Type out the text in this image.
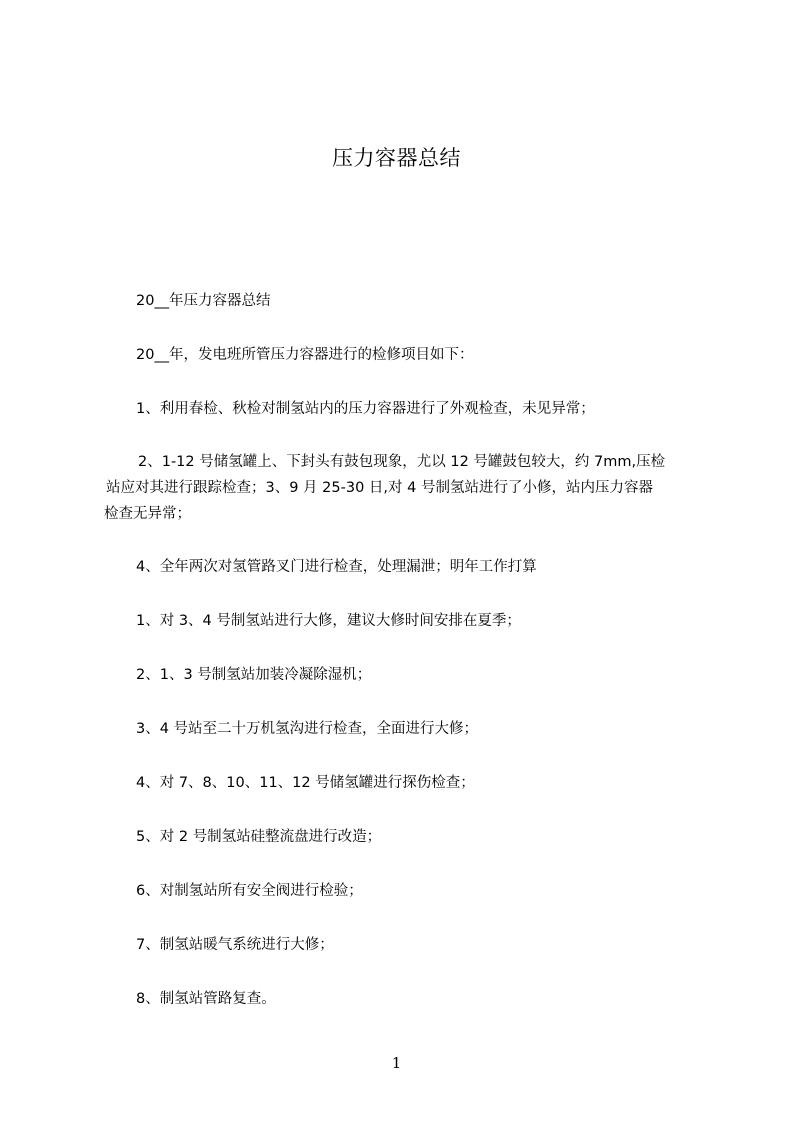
压力容器总结
20__年压力容器总结
20__年，发电班所管压力容器进行的检修项目如下：
1、利用春检、秋检对制氢站内的压力容器进行了外观检查，未见异常；
2、1-12 号储氢罐上、下封头有鼓包现象，尤以 12 号罐鼓包较大，约 7mm,压检
站应对其进行跟踪检查；3、9 月 25-30 日,对 4 号制氢站进行了小修，站内压力容器
检查无异常；
4、全年两次对氢管路叉门进行检查，处理漏泄；明年工作打算
1、对 3、4 号制氢站进行大修，建议大修时间安排在夏季；
2、1、3 号制氢站加装冷凝除湿机；
3、4 号站至二十万机氢沟进行检查，全面进行大修；
4、对 7、8、10、11、12 号储氢罐进行探伤检查；
5、对 2 号制氢站硅整流盘进行改造；
6、对制氢站所有安全阀进行检验；
7、制氢站暖气系统进行大修；
8、制氢站管路复查。
1
